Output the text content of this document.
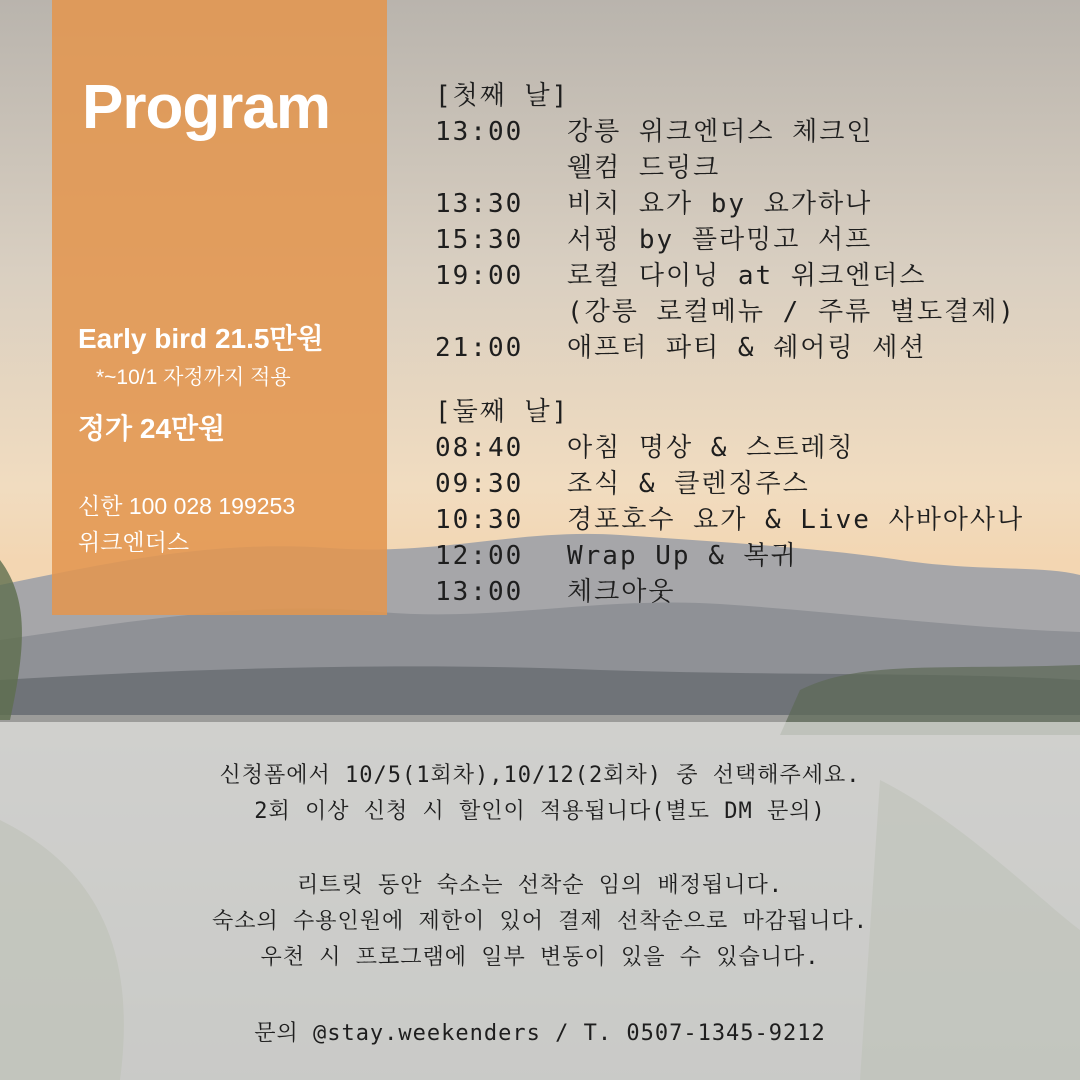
Program
Early bird 21.5만원
*~10/1 자정까지 적용
정가 24만원
신한 100 028 199253
위크엔더스
[첫째 날]
13:00	강릉 위크엔더스 체크인
웰컴 드링크
13:30	비치 요가 by 요가하나
15:30	서핑 by 플라밍고 서프
19:00	로컬 다이닝 at 위크엔더스
(강릉 로컬메뉴 / 주류 별도결제)
21:00	애프터 파티 & 쉐어링 세션
[둘째 날]
08:40	아침 명상 & 스트레칭
09:30	조식 & 클렌징주스
10:30	경포호수 요가 & Live 사바아사나
12:00	Wrap Up & 복귀
13:00	체크아웃
신청폼에서 10/5(1회차),10/12(2회차) 중 선택해주세요.
2회 이상 신청 시 할인이 적용됩니다(별도 DM 문의)
리트릿 동안 숙소는 선착순 임의 배정됩니다.
숙소의 수용인원에 제한이 있어 결제 선착순으로 마감됩니다.
우천 시 프로그램에 일부 변동이 있을 수 있습니다.
문의 @stay.weekenders / T. 0507-1345-9212
